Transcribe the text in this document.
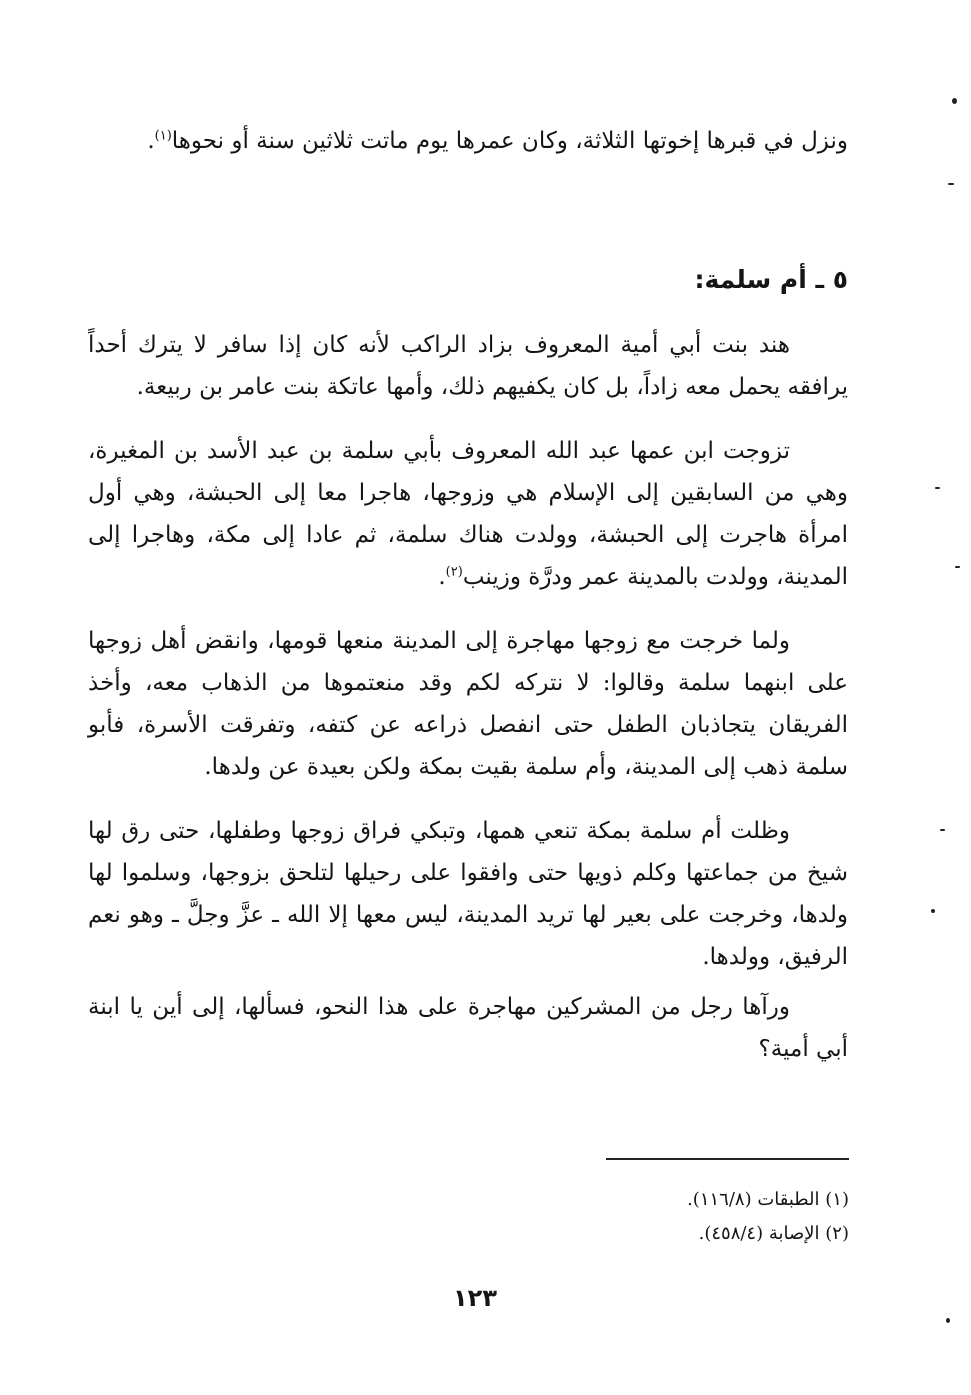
ونزل في قبرها إخوتها الثلاثة، وكان عمرها يوم ماتت ثلاثين سنة أو نحوها$^{(١)}$.

٥ ـ أم سلمة:

هند بنت أبي أمية المعروف بزاد الراكب لأنه كان إذا سافر لا يترك أحداً يرافقه يحمل معه زاداً، بل كان يكفيهم ذلك، وأمها عاتكة بنت عامر بن ربيعة.

تزوجت ابن عمها عبد الله المعروف بأبي سلمة بن عبد الأسد بن المغيرة، وهي من السابقين إلى الإسلام هي وزوجها، هاجرا معا إلى الحبشة، وهي أول امرأة هاجرت إلى الحبشة، وولدت هناك سلمة، ثم عادا إلى مكة، وهاجرا إلى المدينة، وولدت بالمدينة عمر ودرَّة وزينب$^{(٢)}$.

ولما خرجت مع زوجها مهاجرة إلى المدينة منعها قومها، وانقض أهل زوجها على ابنهما سلمة وقالوا: لا نتركه لكم وقد منعتموها من الذهاب معه، وأخذ الفريقان يتجاذبان الطفل حتى انفصل ذراعه عن كتفه، وتفرقت الأسرة، فأبو سلمة ذهب إلى المدينة، وأم سلمة بقيت بمكة ولكن بعيدة عن ولدها.

وظلت أم سلمة بمكة تنعي همها، وتبكي فراق زوجها وطفلها، حتى رق لها شيخ من جماعتها وكلم ذويها حتى وافقوا على رحيلها لتلحق بزوجها، وسلموا لها ولدها، وخرجت على بعير لها تريد المدينة، ليس معها إلا الله ـ عزَّ وجلَّ ـ وهو نعم الرفيق، وولدها.

ورآها رجل من المشركين مهاجرة على هذا النحو، فسألها، إلى أين يا ابنة أبي أمية؟

(١) الطبقات (١١٦/٨).

(٢) الإصابة (٤٥٨/٤).

١٢٣
